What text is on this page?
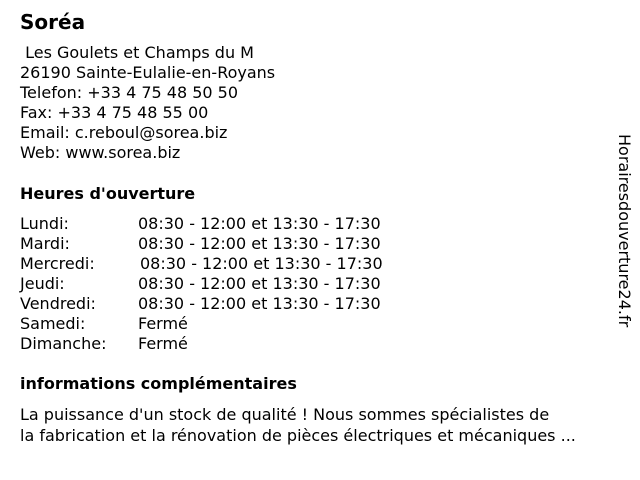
Soréa
Les Goulets et Champs du M
26190 Sainte-Eulalie-en-Royans
Telefon: +33 4 75 48 50 50
Fax: +33 4 75 48 55 00
Email: c.reboul@sorea.biz
Web: www.sorea.biz
Heures d'ouverture
Lundi:	08:30 - 12:00 et 13:30 - 17:30
Mardi:	08:30 - 12:00 et 13:30 - 17:30
Mercredi:	08:30 - 12:00 et 13:30 - 17:30
Jeudi:	08:30 - 12:00 et 13:30 - 17:30
Vendredi:	08:30 - 12:00 et 13:30 - 17:30
Samedi:	Fermé
Dimanche: Fermé
informations complémentaires

La puissance d'un stock de qualité ! Nous sommes spécialistes de
la fabrication et la rénovation de pièces électriques et mécaniques ...

Horairesdouverture24.fr
